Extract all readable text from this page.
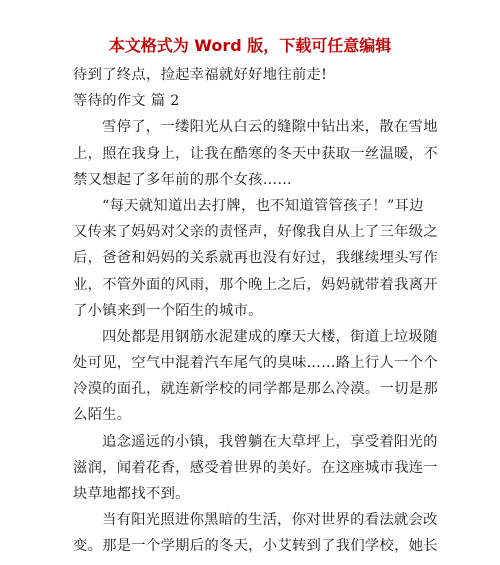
本文格式为 Word 版，下载可任意编辑
待到了终点，捡起幸福就好好地往前走!
等待的作文 篇 2
雪停了，一缕阳光从白云的缝隙中钻出来，散在雪地
上，照在我身上，让我在酷寒的冬天中获取一丝温暖，不
禁又想起了多年前的那个女孩……
“每天就知道出去打牌，也不知道管管孩子！”耳边
又传来了妈妈对父亲的责怪声，好像我自从上了三年级之
后，爸爸和妈妈的关系就再也没有好过，我继续埋头写作
业，不管外面的风雨，那个晚上之后，妈妈就带着我离开
了小镇来到一个陌生的城市。
四处都是用钢筋水泥建成的摩天大楼，街道上垃圾随
处可见，空气中混着汽车尾气的臭味……路上行人一个个
冷漠的面孔，就连新学校的同学都是那么冷漠。一切是那
么陌生。
追念遥远的小镇，我曾躺在大草坪上，享受着阳光的
滋润，闻着花香，感受着世界的美好。在这座城市我连一
块草地都找不到。
当有阳光照进你黑暗的生活，你对世界的看法就会改
变。那是一个学期后的冬天，小艾转到了我们学校，她长
